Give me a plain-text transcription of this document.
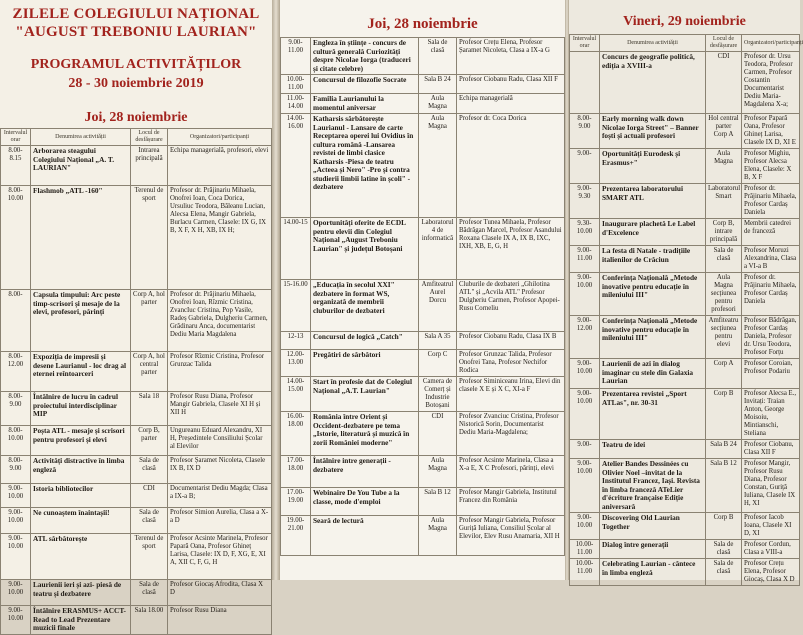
ZILELE COLEGIULUI NAȚIONAL
"AUGUST TREBONIU LAURIAN"
PROGRAMUL ACTIVITĂȚILOR
28 - 30 noiembrie 2019
Joi, 28 noiembrie
Intervalul orar	Denumirea activității	Locul de desfășurare	Organizatori/participanți
8.00-8.15	Arborarea steagului Colegiului Național „A. T. LAURIAN"	Intrarea principală	Echipa managerială, profesori, elevi
8.00-10.00	Flashmob „ATL -160"	Terenul de sport	Profesor dr. Prăjinariu Mihaela, Onofrei Ioan, Coca Dorica, Ursuliuc Teodora, Băleanu Lucian, Alecsa Elena, Mangir Gabriela, Burlacu Carmen, Clasele: IX G, IX B, X F, X H, XB, IX H;
8.00-	Capsula timpului: Arc peste timp-scrisori și mesaje de la elevi, profesori, părinți	Corp A, hol parter	Profesor dr. Prăjinariu Mihaela, Onofrei Ioan, Rîzmic Cristina, ZvancIuc Cristina, Pop Vasile, Radeș Gabriela, Dulgheriu Carmen, Grădinaru Anca, documentarist Dediu Maria Magdalena
8.00-12.00	Expoziția de impresii și desene Laurianul - loc drag al eternei reîntoarceri	Corp A, hol central parter	Profesor Rîzmic Cristina, Profesor Grunzac Talida
8.00-9.00	Întâlnire de lucru în cadrul proiectului interdisciplinar MIP	Sala 18	Profesor Rusu Diana, Profesor Mangir Gabriela, Clasele XI H și XII H
8.00-10.00	Poșta ATL - mesaje și scrisori pentru profesori și elevi	Corp B, parter	Ungureanu Eduard Alexandru, XI H, Președintele Consiliului Școlar al Elevilor
8.00-9.00	Activități distractive în limba engleză	Sala de clasă	Profesor Șaramet Nicoleta, Clasele IX B, IX D
9.00-10.00	Istoria bibliotecilor	CDI	Documentarist Dediu Magda; Clasa a IX-a B;
9.00-10.00	Ne cunoaștem înaintașii!	Sala de clasă	Profesor Simion Aurelia, Clasa a X-a D
9.00-10.00	ATL sărbătorește	Terenul de sport	Profesor Acsinte Marinela, Profesor Papară Oana, Profesor Ghineț Larisa, Clasele: IX D, F, XG, E, XI A, XII C, F, G, H
9.00-10.00	Laurienii ieri și azi- piesă de teatru și dezbatere	Sala de clasă	Profesor Giocaș Afrodita, Clasa X D
9.00-10.00	Întâlnire ERASMUS+ ACCT-Read to Lead Prezentare muzicii finale	Sala 18.00	Profesor Rusu Diana
Joi, 28 noiembrie
9.00-11.00	Engleza în științe - concurs de cultură generală Curiozități despre Nicolae Iorga (traduceri și citate celebre)	Sala de clasă	Profesor Crețu Elena, Profesor Șaramet Nicoleta, Clasa a IX-a G
10.00-11.00	Concursul de filozofie Socrate	Sala B 24	Profesor Ciobanu Radu, Clasa XII F
11.00-14.00	Familia Laurianului la momentul aniversar	Aula Magna	Echipa managerială
14.00-16.00	Katharsis sărbătorește Laurianul - Lansare de carte Receptarea operei lui Ovidius în cultura română -Lansarea revistei de limbi clasice Katharsis -Piesa de teatru „Acteea și Nero" -Pro și contra studierii limbii latine în școli" - dezbatere	Aula Magna	Profesor dr. Coca Dorica
14.00-15	Oportunități oferite de ECDL pentru elevii din Colegiul Național „August Treboniu Laurian" și județul Botoșani	Laboratorul 4 de informatică	Profesor Tunea Mihaela, Profesor Bădrăgan Marcel, Profesor Asandului Roxana Clasele IX A, IX B, IXC, IXH, XB, E, G, H
15-16.00	„Educația în secolul XXI" dezbatere în format WS, organizată de membrii cluburilor de dezbateri	Amfiteatrul Aurel Dorcu	Cluburile de dezbateri „Ghilotina ATL" și „Acvila ATL" Profesor Dulgheriu Carmen, Profesor Apopei- Rusu Corneliu
12-13	Concursul de logică „Catch"	Sala A 35	Profesor Ciobanu Radu, Clasa IX B
12.00-13.00	Pregătiri de sărbători	Corp C	Profesor Grunzac Talida, Profesor Onofrei Tana, Profesor Nechifor Rodica
14.00-15.00	Start în profesie dat de Colegiul Național „A.T. Laurian"	Camera de Comerț și Industrie Botoșani	Profesor Siminiceanu Irina, Elevi din clasele X E și X C, XI-a F
16.00-18.00	România între Orient și Occident-dezbatere pe tema „Istorie, literatură și muzică în zorii României moderne"	CDI	Profesor Zvanciuc Cristina, Profesor Nistorică Sorin, Documentarist Dediu Maria-Magdalena;
17.00-18.00	Întâlnire intre generații - dezbatere	Aula Magna	Profesor Acsinte Marinela, Clasa a X-a E, X C Profesori, părinți, elevi
17.00-19.00	Webinaire De You Tube a la classe, mode d'emploi	Sala B 12	Profesor Mangir Gabriela, Institutul Francez din România
19.00-21.00	Seară de lectură	Aula Magna	Profesor Mangir Gabriela, Profesor Guriță Iuliana, Consiliul Școlar al Elevilor, Elev Rusu Anamaria, XII H
Vineri, 29 noiembrie
Intervalul orar	Denumirea activității	Locul de desfășurare	Organizatori/participanți
	Concurs de geografie politică, ediția a XVIII-a	CDI	Profesor dr. Ursu Teodora, Profesor Carmen, Profesor Costantin Documentarist Dediu Maria-Magdalena X-a;
8.00-9.00	Early morning walk down Nicolae Iorga Street" – Banner foști și actuali profesori	Hol central parter Corp A	Profesor Papară Oana, Profesor Ghineț Larisa, Clasele IX D, XI E
9.00-	Oportunități Eurodesk și Erasmus+"	Aula Magna	Profesor Mighiu, Profesor Alecsa Elena, Clasele: X B, X F
9.00-9.30	Prezentarea laboratorului SMART ATL	Laboratorul Smart	Profesor dr. Prăjinariu Mihaela, Profesor Cardaș Daniela
9.30-10.00	Inaugurare plachetă Le Label d'Excelence	Corp B, intrare principală	Membrii catedrei de franceză
9.00-11.00	La festa di Natale - tradițiile italienilor de Crăciun	Sala de clasă	Profesor Moruzi Alexandrina, Clasa a VI-a B
9.00-10.00	Conferința Națională „Metode inovative pentru educație în mileniului III"	Aula Magna secțiunea pentru profesori	Profesor dr. Prăjinariu Mihaela, Profesor Cardaș Daniela
9.00-12.00	Conferința Națională „Metode inovative pentru educație în mileniului III"	Amfiteatru secțiunea pentru elevi	Profesor Bădrăgan, Profesor Cardaș Daniela, Profesor dr. Ursu Teodora, Profesor Forțu
9.00-10.00	Laurienii de azi în dialog imaginar cu stele din Galaxia Laurian	Corp A	Profesor Coroian, Profesor Podariu
9.00-10.00	Prezentarea revistei „Sport ATLas", nr. 30-31	Corp B	Profesor Alecsa E., Invitați: Traian Anton, George Moisoiu, Mintianschi, Steliana
9.00-	Teatru de idei	Sala B 24	Profesor Ciobanu, Clasa XII F
9.00-10.00	Atelier Bandes Dessinées cu Olivier Noel –invitat de la Institutul Francez, Iași. Revista în limba franceză ATeLier d'écriture française Ediție aniversară	Sala B 12	Profesor Mangir, Profesor Rusu Diana, Profesor Constan, Guriță Iuliana, Clasele IX H, XI
9.00-10.00	Discovering Old Laurian Together	Corp B	Profesor Iacob Ioana, Clasele XI D, XI
10.00-11.00	Dialog între generații	Sala de clasă	Profesor Cordun, Clasa a VIII-a
10.00-11.00	Celebrating Laurian - cântece în limba engleză	Sala de clasă	Profesor Crețu Elena, Profesor Giocaș, Clasa X D
